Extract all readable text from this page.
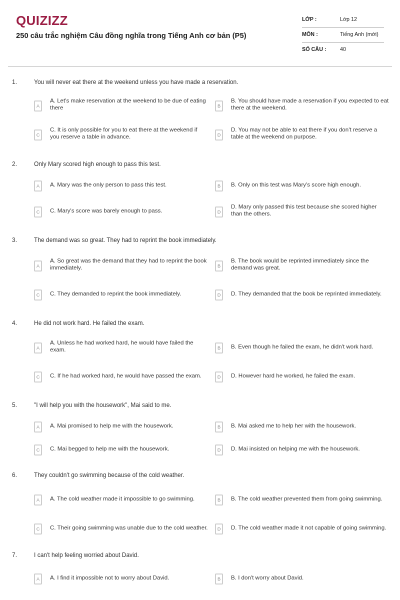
QUIZIZZ
250 câu trắc nghiệm Câu đồng nghĩa trong Tiếng Anh cơ bản (P5)
LỚP :	Lớp 12
MÔN :	Tiếng Anh (mới)
SỐ CÂU :	40
1.	You will never eat there at the weekend unless you have made a reservation.
A
A. Let's make reservation at the weekend to be due of eating there	B
B. You should have made a reservation if you expected to eat there at the weekend.
C
C. It is only possible for you to eat there at the weekend if you reserve a table in advance.	D
D. You may not be able to eat there if you don't reserve a table at the weekend on purpose.
2.	Only Mary scored high enough to pass this test.
A	A. Mary was the only person to pass this test.	B	B. Only on this test was Mary's score high enough.
C	C. Mary's score was barely enough to pass.	D
D. Mary only passed this test because she scored higher than the others.
3.	The demand was so great. They had to reprint the book immediately.
A
A. So great was the demand that they had to reprint the book immediately.	B
B. The book would be reprinted immediately since the demand was great.
C	C. They demanded to reprint the book immediately.	D	D. They demanded that the book be reprinted immediately.
4.	He did not work hard. He failed the exam.
A
A. Unless he had worked hard, he would have failed the exam.	B	B. Even though he failed the exam, he didn't work hard.
C	C. If he had worked hard, he would have passed the exam.	D	D. However hard he worked, he failed the exam.
5.	"I will help you with the housework", Mai said to me.
A	A. Mai promised to help me with the housework.	B	B. Mai asked me to help her with the housework.
C	C. Mai begged to help me with the housework.	D	D. Mai insisted on helping me with the housework.
6.	They couldn't go swimming because of the cold weather.
A	A. The cold weather made it impossible to go swimming.	B	B. The cold weather prevented them from going swimming.
C	C. Their going swimming was unable due to the cold weather.	D	D. The cold weather made it not capable of going swimming.
7.	I can't help feeling worried about David.
A	A. I find it impossible not to worry about David.	B	B. I don't worry about David.
